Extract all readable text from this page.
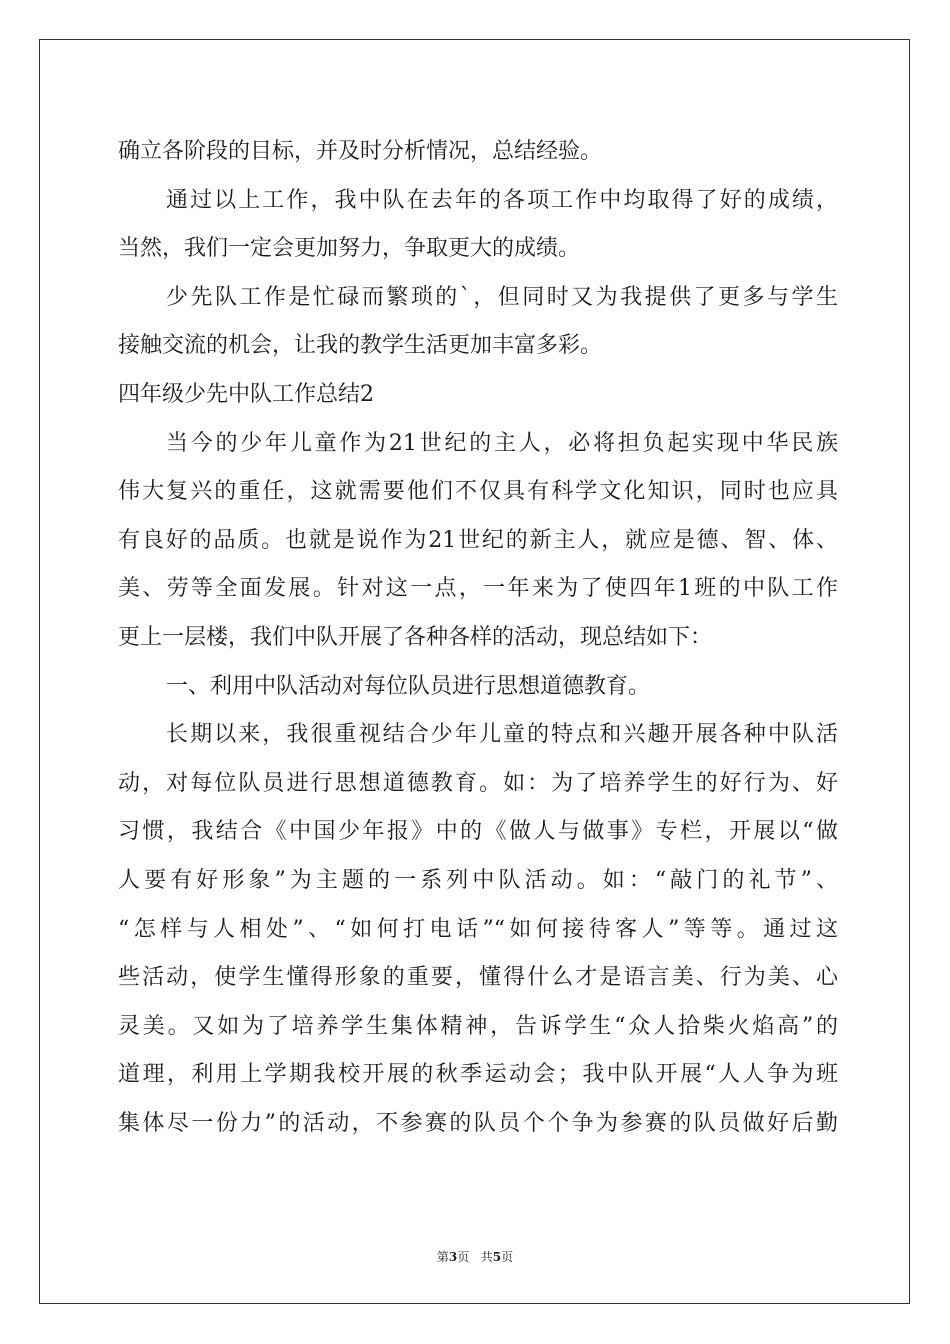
确立各阶段的目标，并及时分析情况，总结经验。
通过以上工作，我中队在去年的各项工作中均取得了好的成绩，
当然，我们一定会更加努力，争取更大的成绩。
少先队工作是忙碌而繁琐的`，但同时又为我提供了更多与学生
接触交流的机会，让我的教学生活更加丰富多彩。
四年级少先中队工作总结2
当今的少年儿童作为21世纪的主人，必将担负起实现中华民族
伟大复兴的重任，这就需要他们不仅具有科学文化知识，同时也应具
有良好的品质。也就是说作为21世纪的新主人，就应是德、智、体、
美、劳等全面发展。针对这一点，一年来为了使四年1班的中队工作
更上一层楼，我们中队开展了各种各样的活动，现总结如下：
一、利用中队活动对每位队员进行思想道德教育。
长期以来，我很重视结合少年儿童的特点和兴趣开展各种中队活
动，对每位队员进行思想道德教育。如：为了培养学生的好行为、好
习惯，我结合《中国少年报》中的《做人与做事》专栏，开展以“做
人要有好形象”为主题的一系列中队活动。如：“敲门的礼节”、
“怎样与人相处”、“如何打电话”“如何接待客人”等等。通过这
些活动，使学生懂得形象的重要，懂得什么才是语言美、行为美、心
灵美。又如为了培养学生集体精神，告诉学生“众人拾柴火焰高”的
道理，利用上学期我校开展的秋季运动会；我中队开展“人人争为班
集体尽一份力”的活动，不参赛的队员个个争为参赛的队员做好后勤
第3页 共5页
